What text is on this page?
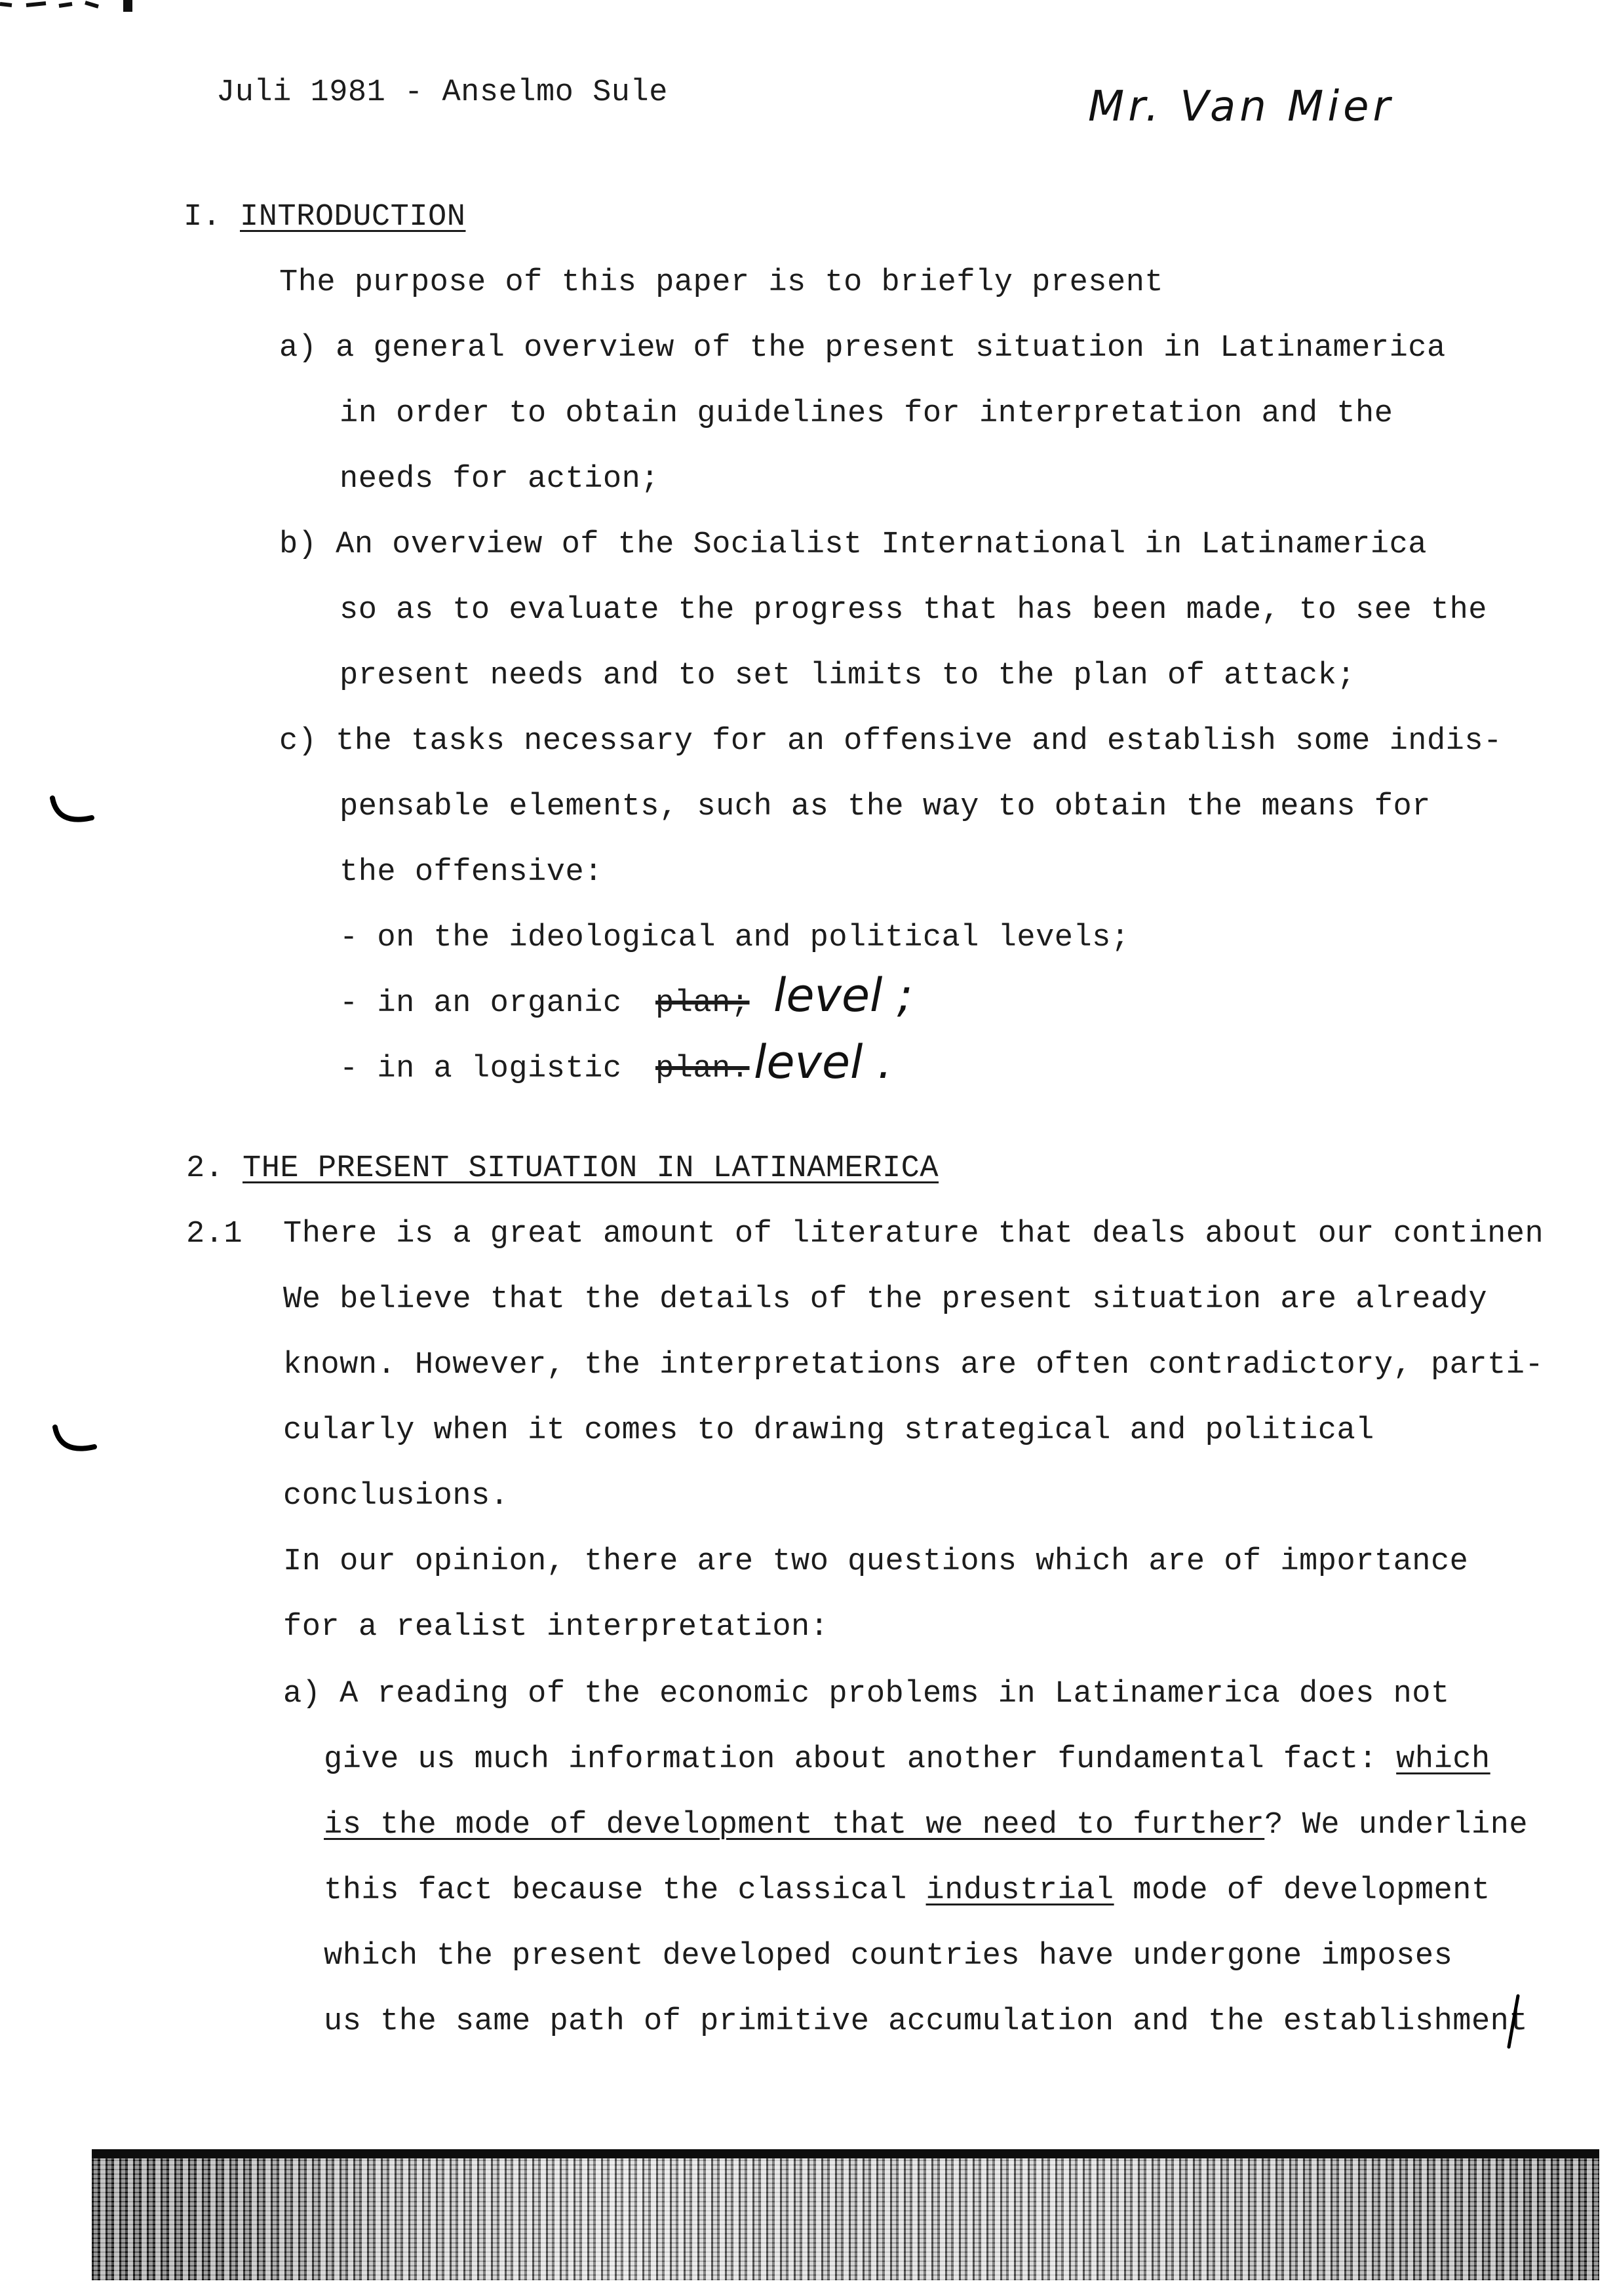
Juli 1981 - Anselmo Sule	Mr. Van Mier
I. INTRODUCTION
The purpose of this paper is to briefly present
a) a general overview of the present situation in Latinamerica
in order to obtain guidelines for interpretation and the
needs for action;
b) An overview of the Socialist International in Latinamerica
so as to evaluate the progress that has been made, to see the
present needs and to set limits to the plan of attack;
c) the tasks necessary for an offensive and establish some indis-
pensable elements, such as the way to obtain the means for
the offensive:
- on the ideological and political levels;
- in an organic plan; level ;
- in a logistic plan. level .
2. THE PRESENT SITUATION IN LATINAMERICA
2.1 There is a great amount of literature that deals about our continen
We believe that the details of the present situation are already
known. However, the interpretations are often contradictory, parti-
cularly when it comes to drawing strategical and political
conclusions.
In our opinion, there are two questions which are of importance
for a realist interpretation:
a) A reading of the economic problems in Latinamerica does not
give us much information about another fundamental fact: which
is the mode of development that we need to further? We underline
this fact because the classical industrial mode of development
which the present developed countries have undergone imposes
us the same path of primitive accumulation and the establishment
